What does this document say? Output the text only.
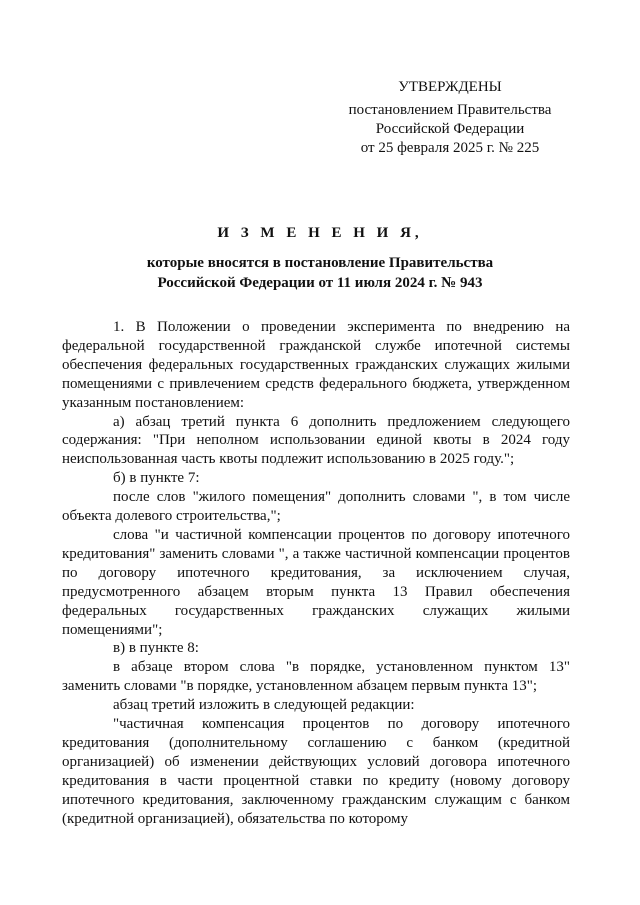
УТВЕРЖДЕНЫ
постановлением Правительства
Российской Федерации
от 25 февраля 2025 г. № 225
И З М Е Н Е Н И Я,
которые вносятся в постановление Правительства
Российской Федерации от 11 июля 2024 г. № 943

1. В Положении о проведении эксперимента по внедрению на федеральной государственной гражданской службе ипотечной системы обеспечения федеральных государственных гражданских служащих жилыми помещениями с привлечением средств федерального бюджета, утвержденном указанным постановлением:

а) абзац третий пункта 6 дополнить предложением следующего содержания: "При неполном использовании единой квоты в 2024 году неиспользованная часть квоты подлежит использованию в 2025 году.";

б) в пункте 7:

после слов "жилого помещения" дополнить словами ", в том числе объекта долевого строительства,";

слова "и частичной компенсации процентов по договору ипотечного кредитования" заменить словами ", а также частичной компенсации процентов по договору ипотечного кредитования, за исключением случая, предусмотренного абзацем вторым пункта 13 Правил обеспечения федеральных государственных гражданских служащих жилыми помещениями";

в) в пункте 8:

в абзаце втором слова "в порядке, установленном пунктом 13" заменить словами "в порядке, установленном абзацем первым пункта 13";

абзац третий изложить в следующей редакции:

"частичная компенсация процентов по договору ипотечного кредитования (дополнительному соглашению с банком (кредитной организацией) об изменении действующих условий договора ипотечного кредитования в части процентной ставки по кредиту (новому договору ипотечного кредитования, заключенному гражданским служащим с банком (кредитной организацией), обязательства по которому
